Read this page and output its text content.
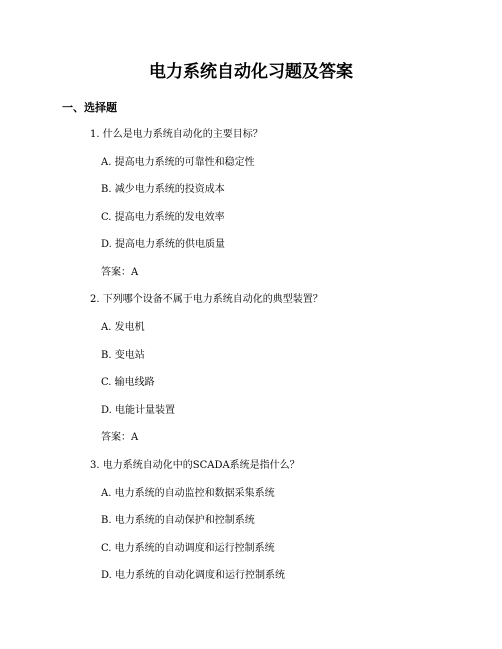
电力系统自动化习题及答案
一、选择题

1. 什么是电力系统自动化的主要目标？

A. 提高电力系统的可靠性和稳定性

B. 减少电力系统的投资成本

C. 提高电力系统的发电效率

D. 提高电力系统的供电质量

答案：A

2. 下列哪个设备不属于电力系统自动化的典型装置？

A. 发电机

B. 变电站

C. 输电线路

D. 电能计量装置

答案：A

3. 电力系统自动化中的SCADA系统是指什么？

A. 电力系统的自动监控和数据采集系统

B. 电力系统的自动保护和控制系统

C. 电力系统的自动调度和运行控制系统

D. 电力系统的自动化调度和运行控制系统
